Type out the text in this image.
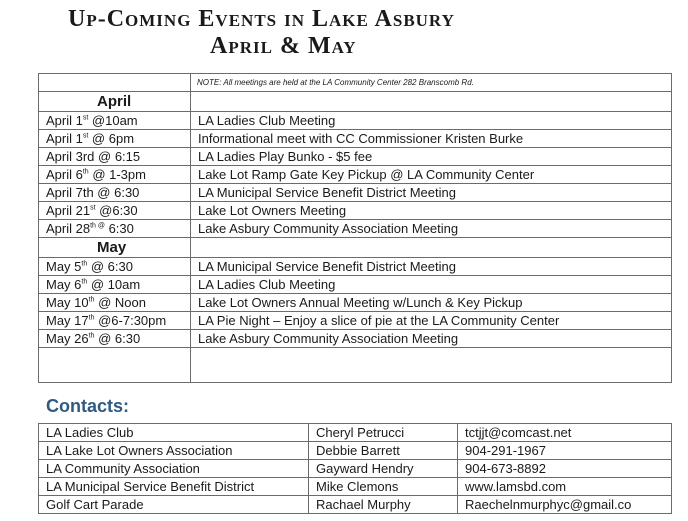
Up-Coming Events in Lake Asbury
April & May
	NOTE: All meetings are held at the LA Community Center 282 Branscomb Rd.
April	
April 1st @10am	LA Ladies Club Meeting
April 1st @ 6pm	Informational meet with CC Commissioner Kristen Burke
April 3rd @ 6:15	LA Ladies Play Bunko - $5 fee
April 6th @ 1-3pm	Lake Lot Ramp Gate Key Pickup @ LA Community Center
April 7th @ 6:30	LA Municipal Service Benefit District Meeting
April 21st @6:30	Lake Lot Owners Meeting
April $28^{th @}$ 6:30	Lake Asbury Community Association Meeting
May	
May 5th @ 6:30	LA Municipal Service Benefit District Meeting
May 6th @ 10am	LA Ladies Club Meeting
May 10th @ Noon	Lake Lot Owners Annual Meeting w/Lunch & Key Pickup
May 17th @6-7:30pm	LA Pie Night – Enjoy a slice of pie at the LA Community Center
May 26th @ 6:30	Lake Asbury Community Association Meeting

Contacts:
LA Ladies Club	Cheryl Petrucci	tctjjt@comcast.net
LA Lake Lot Owners Association	Debbie Barrett	904-291-1967
LA Community Association	Gayward Hendry	904-673-8892
LA Municipal Service Benefit District	Mike Clemons	www.lamsbd.com
Golf Cart Parade	Rachael Murphy	Raechelnmurphyc@gmail.co
